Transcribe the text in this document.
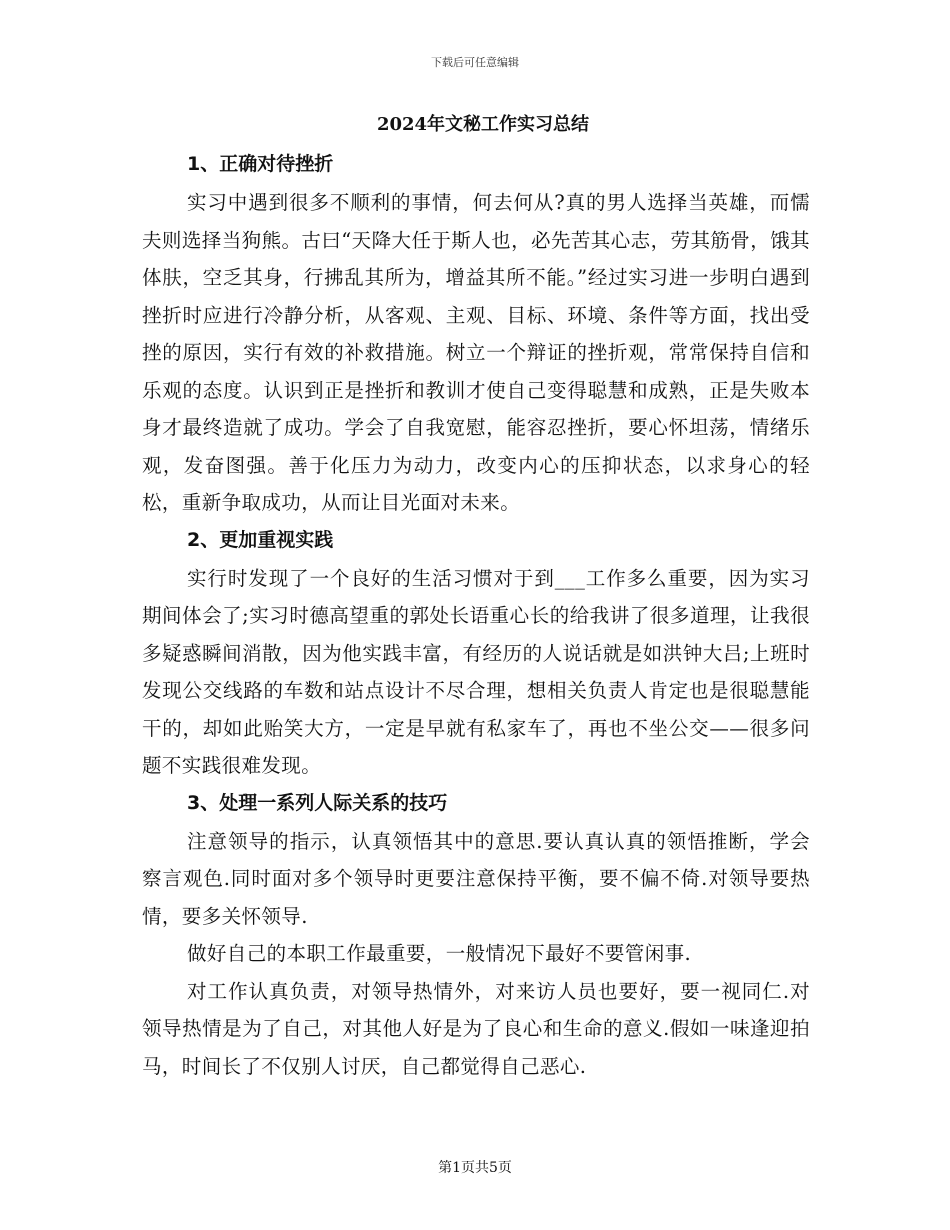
下载后可任意编辑
2024年文秘工作实习总结
1、正确对待挫折

实习中遇到很多不顺利的事情，何去何从?真的男人选择当英雄，而懦夫则选择当狗熊。古曰“天降大任于斯人也，必先苦其心志，劳其筋骨，饿其体肤，空乏其身，行拂乱其所为，增益其所不能。”经过实习进一步明白遇到挫折时应进行冷静分析，从客观、主观、目标、环境、条件等方面，找出受挫的原因，实行有效的补救措施。树立一个辩证的挫折观，常常保持自信和乐观的态度。认识到正是挫折和教训才使自己变得聪慧和成熟，正是失败本身才最终造就了成功。学会了自我宽慰，能容忍挫折，要心怀坦荡，情绪乐观，发奋图强。善于化压力为动力，改变内心的压抑状态，以求身心的轻松，重新争取成功，从而让目光面对未来。

2、更加重视实践

实行时发现了一个良好的生活习惯对于到___工作多么重要，因为实习期间体会了;实习时德高望重的郭处长语重心长的给我讲了很多道理，让我很多疑惑瞬间消散，因为他实践丰富，有经历的人说话就是如洪钟大吕;上班时发现公交线路的车数和站点设计不尽合理，想相关负责人肯定也是很聪慧能干的，却如此贻笑大方，一定是早就有私家车了，再也不坐公交——很多问题不实践很难发现。

3、处理一系列人际关系的技巧

注意领导的指示，认真领悟其中的意思.要认真认真的领悟推断，学会察言观色.同时面对多个领导时更要注意保持平衡，要不偏不倚.对领导要热情，要多关怀领导.

做好自己的本职工作最重要，一般情况下最好不要管闲事.

对工作认真负责，对领导热情外，对来访人员也要好，要一视同仁.对领导热情是为了自己，对其他人好是为了良心和生命的意义.假如一味逢迎拍马，时间长了不仅别人讨厌，自己都觉得自己恶心.

第1页共5页
